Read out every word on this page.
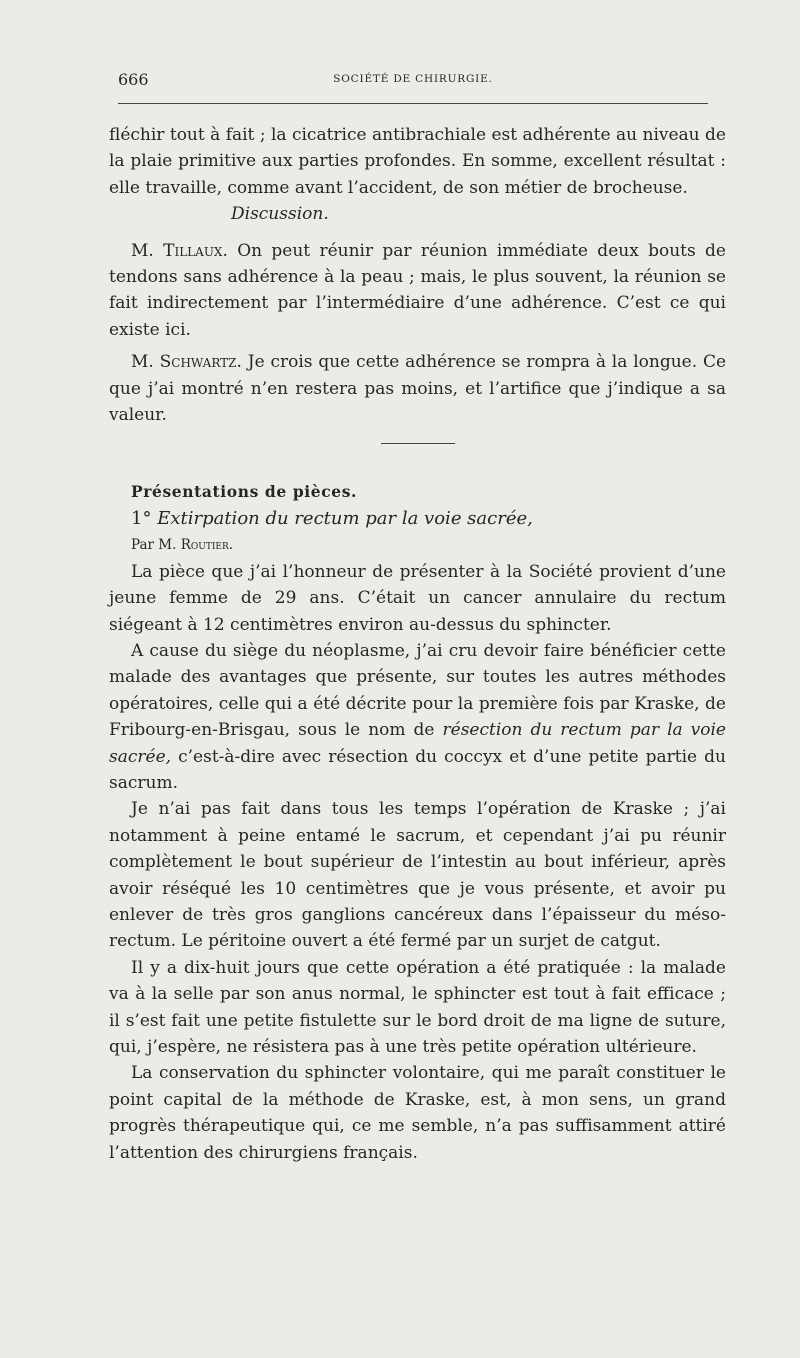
666	SOCIÉTÉ DE CHIRURGIE.

fléchir tout à fait ; la cicatrice antibrachiale est adhérente au niveau de la plaie primitive aux parties profondes. En somme, excellent résultat : elle travaille, comme avant l’accident, de son métier de brocheuse.

Discussion.

M. Tillaux. On peut réunir par réunion immédiate deux bouts de tendons sans adhérence à la peau ; mais, le plus souvent, la réunion se fait indirectement par l’intermédiaire d’une adhérence. C’est ce qui existe ici.

M. Schwartz. Je crois que cette adhérence se rompra à la longue. Ce que j’ai montré n’en restera pas moins, et l’artifice que j’indique a sa valeur.

Présentations de pièces.

1° Extirpation du rectum par la voie sacrée,

Par M. Routier.

La pièce que j’ai l’honneur de présenter à la Société provient d’une jeune femme de 29 ans. C’était un cancer annulaire du rectum siégeant à 12 centimètres environ au-dessus du sphincter.

A cause du siège du néoplasme, j’ai cru devoir faire bénéficier cette malade des avantages que présente, sur toutes les autres méthodes opératoires, celle qui a été décrite pour la première fois par Kraske, de Fribourg-en-Brisgau, sous le nom de résection du rectum par la voie sacrée, c’est-à-dire avec résection du coccyx et d’une petite partie du sacrum.

Je n’ai pas fait dans tous les temps l’opération de Kraske ; j’ai notamment à peine entamé le sacrum, et cependant j’ai pu réunir complètement le bout supérieur de l’intestin au bout inférieur, après avoir réséqué les 10 centimètres que je vous présente, et avoir pu enlever de très gros ganglions cancéreux dans l’épaisseur du méso-rectum. Le péritoine ouvert a été fermé par un surjet de catgut.

Il y a dix-huit jours que cette opération a été pratiquée : la malade va à la selle par son anus normal, le sphincter est tout à fait efficace ; il s’est fait une petite fistulette sur le bord droit de ma ligne de suture, qui, j’espère, ne résistera pas à une très petite opération ultérieure.

La conservation du sphincter volontaire, qui me paraît constituer le point capital de la méthode de Kraske, est, à mon sens, un grand progrès thérapeutique qui, ce me semble, n’a pas suffisamment attiré l’attention des chirurgiens français.
